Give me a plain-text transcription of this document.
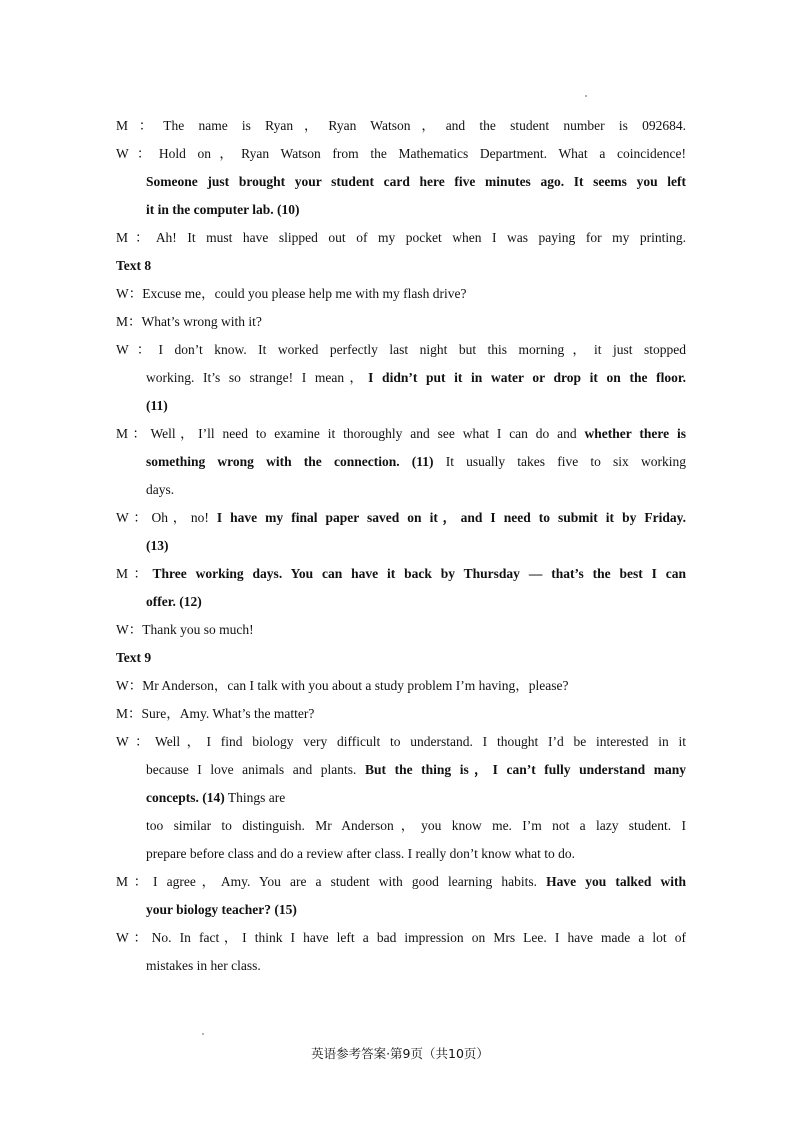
M：The name is Ryan，Ryan Watson，and the student number is 092684.
W：Hold on，Ryan Watson from the Mathematics Department. What a coincidence!
Someone just brought your student card here five minutes ago. It seems you left
it in the computer lab. (10)
M：Ah! It must have slipped out of my pocket when I was paying for my printing.
Text 8
W：Excuse me，could you please help me with my flash drive?
M：What’s wrong with it?
W：I don’t know. It worked perfectly last night but this morning，it just stopped
working. It’s so strange! I mean，I didn’t put it in water or drop it on the floor.
(11)
M：Well，I’ll need to examine it thoroughly and see what I can do and whether there is
something wrong with the connection. (11) It usually takes five to six working
days.
W：Oh，no! I have my final paper saved on it，and I need to submit it by Friday.
(13)
M：Three working days. You can have it back by Thursday — that’s the best I can
offer. (12)
W：Thank you so much!
Text 9
W：Mr Anderson，can I talk with you about a study problem I’m having，please?
M：Sure，Amy. What’s the matter?
W：Well，I find biology very difficult to understand. I thought I’d be interested in it
because I love animals and plants. But the thing is，I can’t fully understand many
concepts. (14) Things are
too similar to distinguish. Mr Anderson，you know me. I’m not a lazy student. I
prepare before class and do a review after class. I really don’t know what to do.
M：I agree，Amy. You are a student with good learning habits. Have you talked with
your biology teacher? (15)
W：No. In fact，I think I have left a bad impression on Mrs Lee. I have made a lot of
mistakes in her class.
英语参考答案·第9页（共10页）
